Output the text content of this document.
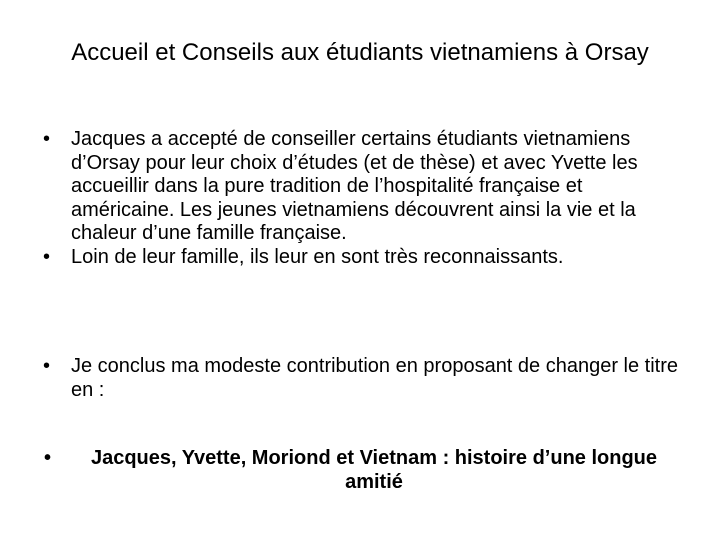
Accueil et Conseils aux étudiants vietnamiens à Orsay
• Jacques a accepté de conseiller certains étudiants vietnamiens d’Orsay pour leur choix d’études (et de thèse) et avec Yvette les accueillir dans la pure tradition de l’hospitalité française et américaine. Les jeunes vietnamiens découvrent ainsi la vie et la chaleur d’une famille française.
• Loin de leur famille, ils leur en sont très reconnaissants.
• Je conclus ma modeste contribution en proposant de changer le titre en :
•	Jacques, Yvette, Moriond et Vietnam : histoire d’une longue amitié
